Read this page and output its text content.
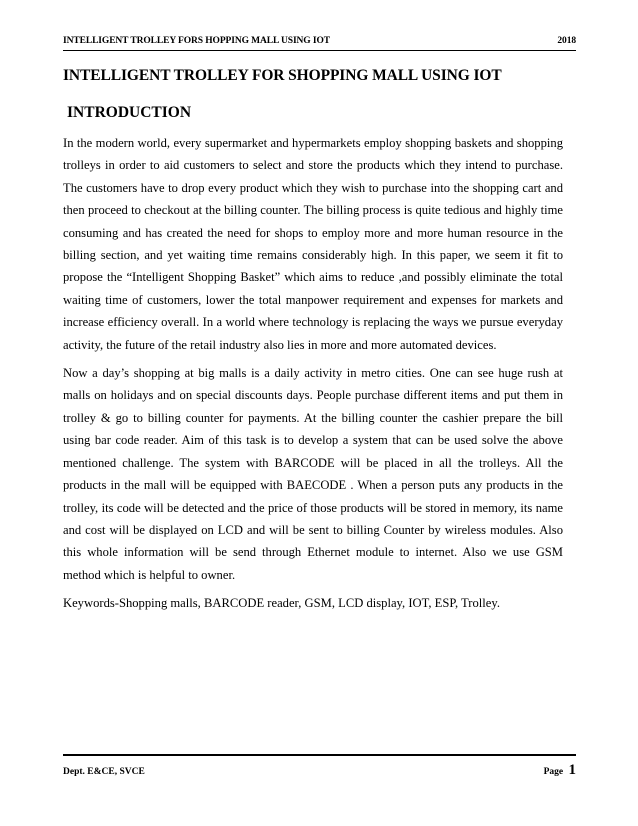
INTELLIGENT TROLLEY FORS HOPPING MALL USING IOT	2018
INTELLIGENT TROLLEY FOR SHOPPING MALL USING IOT
INTRODUCTION

In the modern world, every supermarket and hypermarkets employ shopping baskets and shopping trolleys in order to aid customers to select and store the products which they intend to purchase. The customers have to drop every product which they wish to purchase into the shopping cart and then proceed to checkout at the billing counter. The billing process is quite tedious and highly time consuming and has created the need for shops to employ more and more human resource in the billing section, and yet waiting time remains considerably high. In this paper, we seem it fit to propose the “Intelligent Shopping Basket” which aims to reduce ,and possibly eliminate the total waiting time of customers, lower the total manpower requirement and expenses for markets and increase efficiency overall. In a world where technology is replacing the ways we pursue everyday activity, the future of the retail industry also lies in more and more automated devices.

Now a day’s shopping at big malls is a daily activity in metro cities. One can see huge rush at malls on holidays and on special discounts days. People purchase different items and put them in trolley & go to billing counter for payments. At the billing counter the cashier prepare the bill using bar code reader. Aim of this task is to develop a system that can be used solve the above mentioned challenge. The system with BARCODE will be placed in all the trolleys. All the products in the mall will be equipped with BAECODE . When a person puts any products in the trolley, its code will be detected and the price of those products will be stored in memory, its name and cost will be displayed on LCD and will be sent to billing Counter by wireless modules. Also this whole information will be send through Ethernet module to internet. Also we use GSM method which is helpful to owner.

Keywords-Shopping malls, BARCODE reader, GSM, LCD display, IOT, ESP, Trolley.

Dept. E&CE, SVCE	Page 1
